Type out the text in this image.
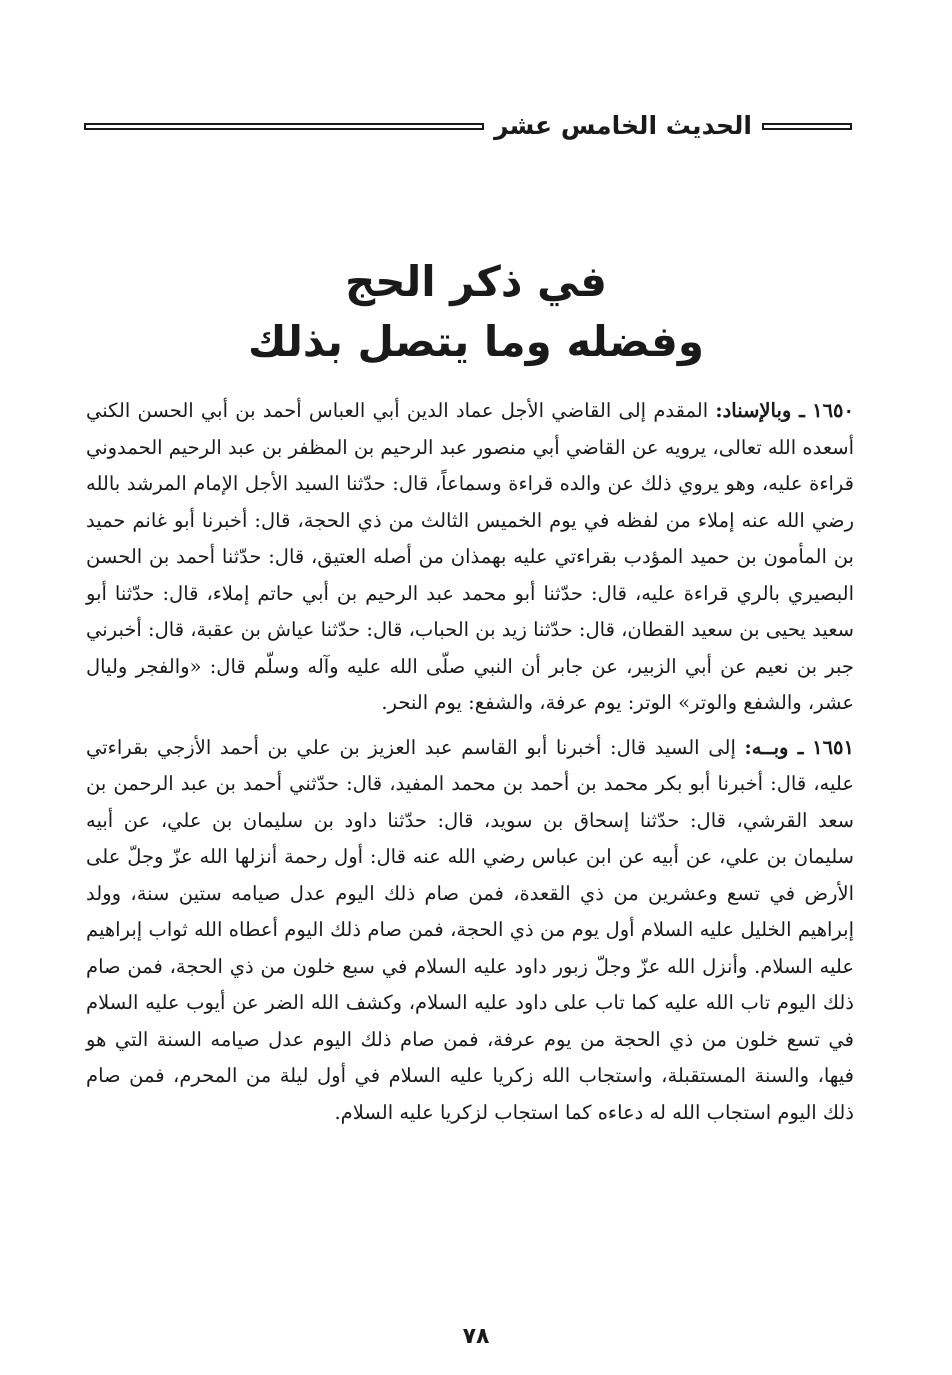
الحديث الخامس عشر
في ذكر الحج
وفضله وما يتصل بذلك

١٦٥٠ ـ وبالإسناد: المقدم إلى القاضي الأجل عماد الدين أبي العباس أحمد بن أبي الحسن الكني أسعده الله تعالى، يرويه عن القاضي أبي منصور عبد الرحيم بن المظفر بن عبد الرحيم الحمدوني قراءة عليه، وهو يروي ذلك عن والده قراءة وسماعاً، قال: حدّثنا السيد الأجل الإمام المرشد بالله رضي الله عنه إملاء من لفظه في يوم الخميس الثالث من ذي الحجة، قال: أخبرنا أبو غانم حميد بن المأمون بن حميد المؤدب بقراءتي عليه بهمذان من أصله العتيق، قال: حدّثنا أحمد بن الحسن البصيري بالري قراءة عليه، قال: حدّثنا أبو محمد عبد الرحيم بن أبي حاتم إملاء، قال: حدّثنا أبو سعيد يحيى بن سعيد القطان، قال: حدّثنا زيد بن الحباب، قال: حدّثنا عياش بن عقبة، قال: أخبرني جبر بن نعيم عن أبي الزبير، عن جابر أن النبي صلّى الله عليه وآله وسلّم قال: «والفجر وليال عشر، والشفع والوتر» الوتر: يوم عرفة، والشفع: يوم النحر.

١٦٥١ ـ وبــه: إلى السيد قال: أخبرنا أبو القاسم عبد العزيز بن علي بن أحمد الأزجي بقراءتي عليه، قال: أخبرنا أبو بكر محمد بن أحمد بن محمد المفيد، قال: حدّثني أحمد بن عبد الرحمن بن سعد القرشي، قال: حدّثنا إسحاق بن سويد، قال: حدّثنا داود بن سليمان بن علي، عن أبيه سليمان بن علي، عن أبيه عن ابن عباس رضي الله عنه قال: أول رحمة أنزلها الله عزّ وجلّ على الأرض في تسع وعشرين من ذي القعدة، فمن صام ذلك اليوم عدل صيامه ستين سنة، وولد إبراهيم الخليل عليه السلام أول يوم من ذي الحجة، فمن صام ذلك اليوم أعطاه الله ثواب إبراهيم عليه السلام. وأنزل الله عزّ وجلّ زبور داود عليه السلام في سبع خلون من ذي الحجة، فمن صام ذلك اليوم تاب الله عليه كما تاب على داود عليه السلام، وكشف الله الضر عن أيوب عليه السلام في تسع خلون من ذي الحجة من يوم عرفة، فمن صام ذلك اليوم عدل صيامه السنة التي هو فيها، والسنة المستقبلة، واستجاب الله زكريا عليه السلام في أول ليلة من المحرم، فمن صام ذلك اليوم استجاب الله له دعاءه كما استجاب لزكريا عليه السلام.

٧٨
